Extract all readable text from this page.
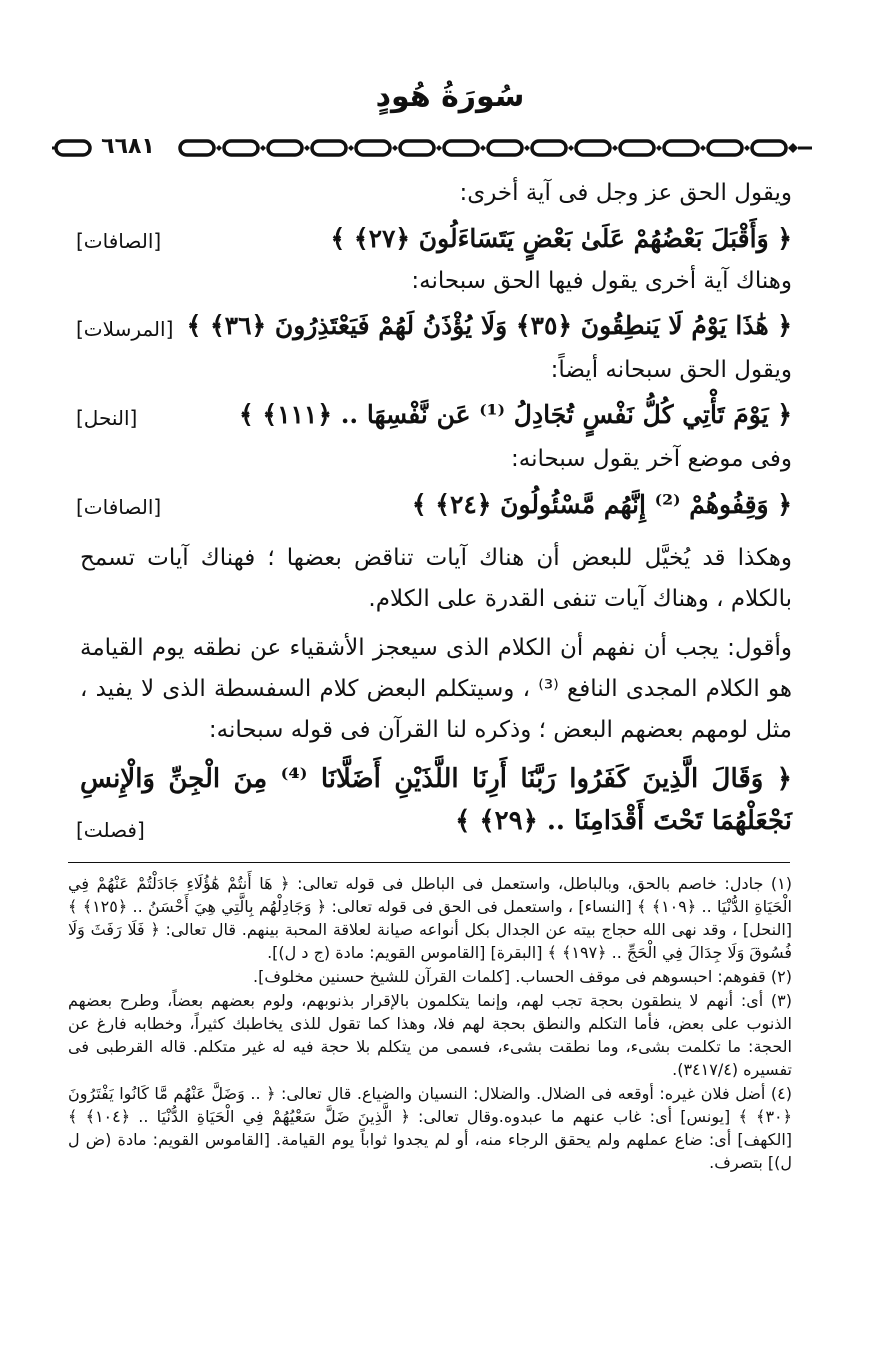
سُورَةُ هُودٍ
٦٦٨١
ويقول الحق عز وجل فى آية أخرى:
﴿ وَأَقْبَلَ بَعْضُهُمْ عَلَىٰ بَعْضٍ يَتَسَاءَلُونَ ﴿٢٧﴾ ﴾
[الصافات]
وهناك آية أخرى يقول فيها الحق سبحانه:
﴿ هَٰذَا يَوْمُ لَا يَنطِقُونَ ﴿٣٥﴾ وَلَا يُؤْذَنُ لَهُمْ فَيَعْتَذِرُونَ ﴿٣٦﴾ ﴾
[المرسلات]
ويقول الحق سبحانه أيضاً:
﴿ يَوْمَ تَأْتِي كُلُّ نَفْسٍ تُجَادِلُ ⁽¹⁾ عَن نَّفْسِهَا .. ﴿١١١﴾ ﴾
[النحل]
وفى موضع آخر يقول سبحانه:
﴿ وَقِفُوهُمْ ⁽²⁾ إِنَّهُم مَّسْئُولُونَ ﴿٢٤﴾ ﴾
[الصافات]

وهكذا قد يُخيَّل للبعض أن هناك آيات تناقض بعضها ؛ فهناك آيات تسمح بالكلام ، وهناك آيات تنفى القدرة على الكلام.

وأقول: يجب أن نفهم أن الكلام الذى سيعجز الأشقياء عن نطقه يوم القيامة هو الكلام المجدى النافع ⁽³⁾ ، وسيتكلم البعض كلام السفسطة الذى لا يفيد ، مثل لومهم بعضهم البعض ؛ وذكره لنا القرآن فى قوله سبحانه:

﴿ وَقَالَ الَّذِينَ كَفَرُوا رَبَّنَا أَرِنَا اللَّذَيْنِ أَضَلَّانَا ⁽⁴⁾ مِنَ الْجِنِّ وَالْإِنسِ نَجْعَلْهُمَا تَحْتَ أَقْدَامِنَا .. ﴿٢٩﴾ ﴾

[فصلت]

(١) جادل: خاصم بالحق، وبالباطل، واستعمل فى الباطل فى قوله تعالى: ﴿ هَا أَنتُمْ هَٰؤُلَاءِ جَادَلْتُمْ عَنْهُمْ فِي الْحَيَاةِ الدُّنْيَا .. ﴿١٠٩﴾ ﴾ [النساء] ، واستعمل فى الحق فى قوله تعالى: ﴿ وَجَادِلْهُم بِالَّتِي هِيَ أَحْسَنُ .. ﴿١٢٥﴾ ﴾ [النحل] ، وقد نهى الله حجاج بيته عن الجدال بكل أنواعه صيانة لعلاقة المحبة بينهم. قال تعالى: ﴿ فَلَا رَفَثَ وَلَا فُسُوقَ وَلَا جِدَالَ فِي الْحَجِّ .. ﴿١٩٧﴾ ﴾ [البقرة] [القاموس القويم: مادة (ج د ل)].

(٢) قفوهم: احبسوهم فى موقف الحساب. [كلمات القرآن للشيخ حسنين مخلوف].

(٣) أى: أنهم لا ينطقون بحجة تجب لهم، وإنما يتكلمون بالإقرار بذنوبهم، ولوم بعضهم بعضاً، وطرح بعضهم الذنوب على بعض، فأما التكلم والنطق بحجة لهم فلا، وهذا كما تقول للذى يخاطبك كثيراً، وخطابه فارغ عن الحجة: ما تكلمت بشىء، وما نطقت بشىء، فسمى من يتكلم بلا حجة فيه له غير متكلم. قاله القرطبى فى تفسيره (٣٤١٧/٤).

(٤) أضل فلان غيره: أوقعه فى الضلال. والضلال: النسيان والضياع. قال تعالى: ﴿ .. وَضَلَّ عَنْهُم مَّا كَانُوا يَفْتَرُونَ ﴿٣٠﴾ ﴾ [يونس] أى: غاب عنهم ما عبدوه.وقال تعالى: ﴿ الَّذِينَ ضَلَّ سَعْيُهُمْ فِي الْحَيَاةِ الدُّنْيَا .. ﴿١٠٤﴾ ﴾ [الكهف] أى: ضاع عملهم ولم يحقق الرجاء منه، أو لم يجدوا ثواباً يوم القيامة. [القاموس القويم: مادة (ض ل ل)] بتصرف.
